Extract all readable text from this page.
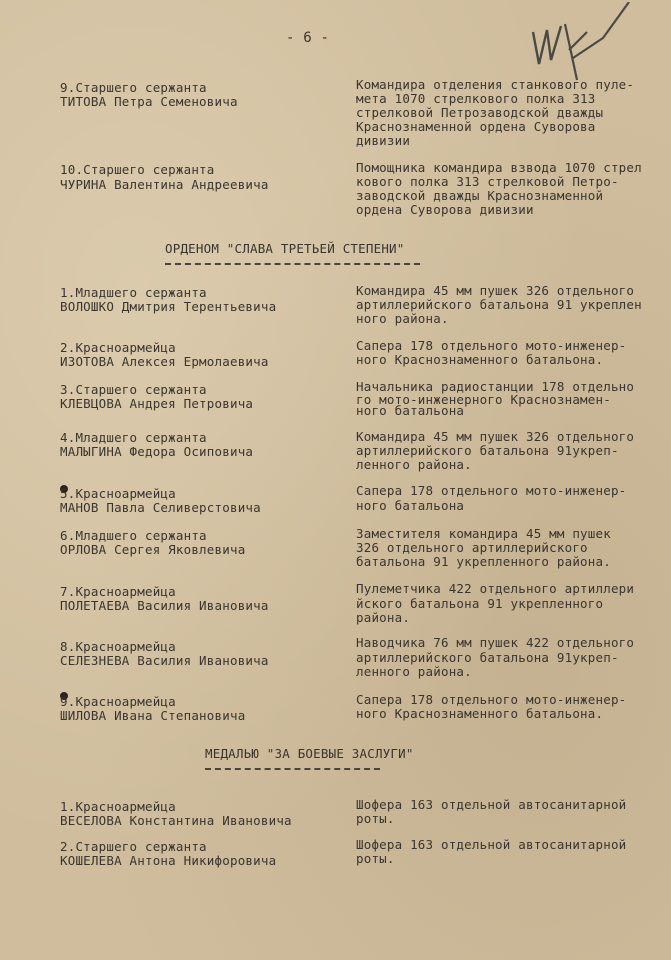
- 6 -
9.Старшего сержанта
ТИТОВА Петра Семеновича
Командира отделения станкового пуле-
мета 1070 стрелкового полка 313
стрелковой Петрозаводской дважды
Краснознаменной ордена Суворова
дивизии
10.Старшего сержанта
ЧУРИНА Валентина Андреевича
Помощника командира взвода 1070 стрел
кового полка 313 стрелковой Петро-
заводской дважды Краснознаменной
ордена Суворова дивизии
ОРДЕНОМ "СЛАВА ТРЕТЬЕЙ СТЕПЕНИ"
1.Младшего сержанта
ВОЛОШКО Дмитрия Терентьевича
Командира 45 мм пушек 326 отдельного
артиллерийского батальона 91 укреплен
ного района.
2.Красноармейца
ИЗОТОВА Алексея Ермолаевича
Сапера 178 отдельного мото-инженер-
ного Краснознаменного батальона.
3.Старшего сержанта
КЛЕВЦОВА Андрея Петровича
Начальника радиостанции 178 отдельно
го мото-инженерного Краснознамен-
ного батальона
4.Младшего сержанта
МАЛЫГИНА Федора Осиповича
Командира 45 мм пушек 326 отдельного
артиллерийского батальона 91укреп-
ленного района.
5.Красноармейца
МАНОВ Павла Селиверстовича
Сапера 178 отдельного мото-инженер-
ного батальона
6.Младшего сержанта
ОРЛОВА Сергея Яковлевича
Заместителя командира 45 мм пушек
326 отдельного артиллерийского
батальона 91 укрепленного района.
7.Красноармейца
ПОЛЕТАЕВА Василия Ивановича
Пулеметчика 422 отдельного артиллери
йского батальона 91 укрепленного
района.
8.Красноармейца
СЕЛЕЗНЕВА Василия Ивановича
Наводчика 76 мм пушек 422 отдельного
артиллерийского батальона 91укреп-
ленного района.
9.Красноармейца
ШИЛОВА Ивана Степановича
Сапера 178 отдельного мото-инженер-
ного Краснознаменного батальона.
МЕДАЛЬЮ "ЗА БОЕВЫЕ ЗАСЛУГИ"
1.Красноармейца
ВЕСЕЛОВА Константина Ивановича
Шофера 163 отдельной автосанитарной
роты.
2.Старшего сержанта
КОШЕЛЕВА Антона Никифоровича
Шофера 163 отдельной автосанитарной
роты.
